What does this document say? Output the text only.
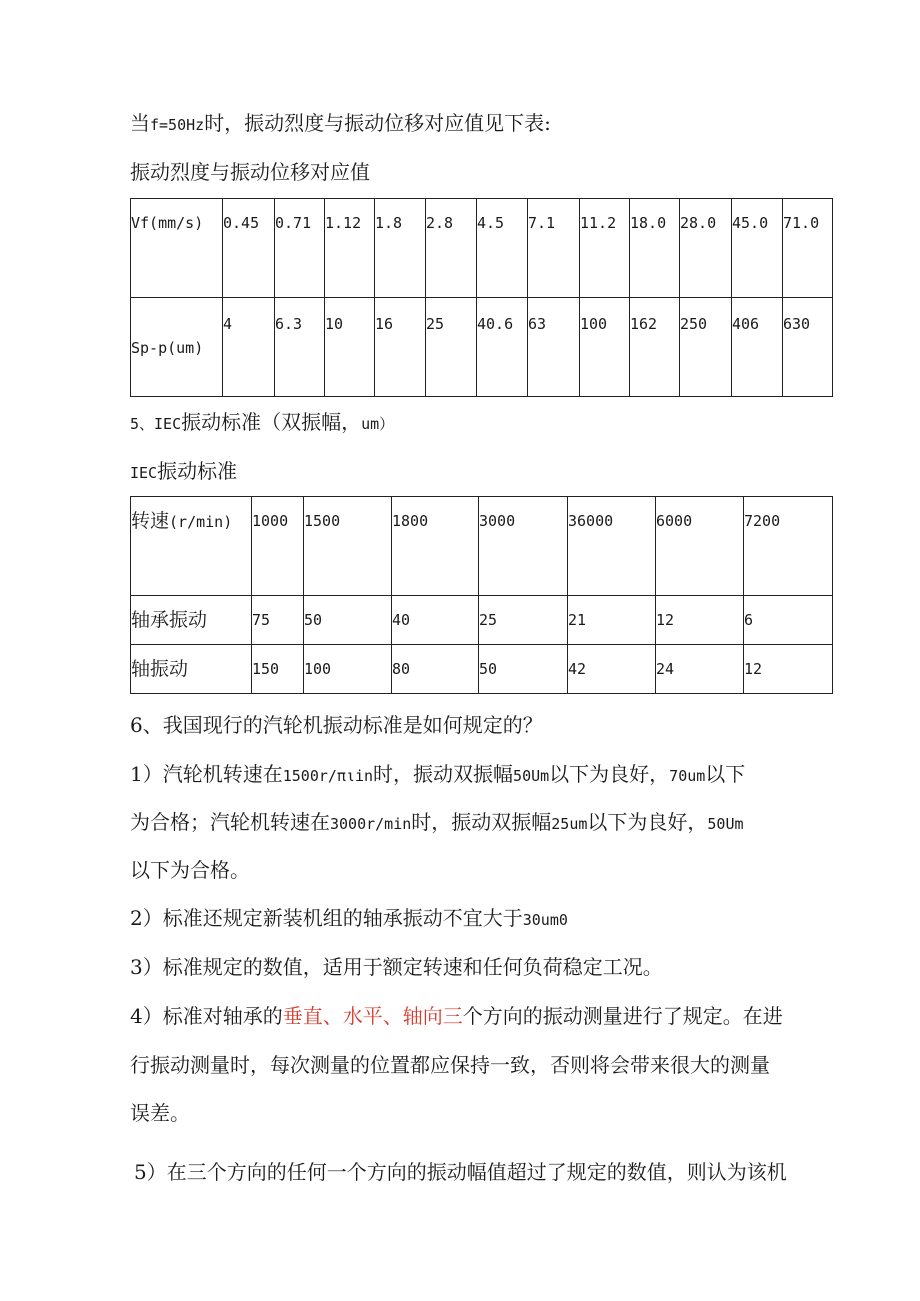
当f=50Hz时，振动烈度与振动位移对应值见下表:
振动烈度与振动位移对应值
Vf(mm/s)	0.45	0.71	1.12	1.8	2.8	4.5	7.1	11.2	18.0	28.0	45.0	71.0
Sp-p(um)	4	6.3	10	16	25	40.6	63	100	162	250	406	630
5、IEC振动标准（双振幅，um）
IEC振动标准
转速(r/min)	1000	1500	1800	3000	36000	6000	7200
轴承振动	75	50	40	25	21	12	6
轴振动	150	100	80	50	42	24	12
6、我国现行的汽轮机振动标准是如何规定的？
1）汽轮机转速在1500r/πιin时，振动双振幅50Um以下为良好，70um以下
为合格；汽轮机转速在3000r/min时，振动双振幅25um以下为良好，50Um
以下为合格。
2）标准还规定新装机组的轴承振动不宜大于30um0
3）标准规定的数值，适用于额定转速和任何负荷稳定工况。
4）标准对轴承的垂直、水平、轴向三个方向的振动测量进行了规定。在进
行振动测量时，每次测量的位置都应保持一致，否则将会带来很大的测量
误差。
5）在三个方向的任何一个方向的振动幅值超过了规定的数值，则认为该机
